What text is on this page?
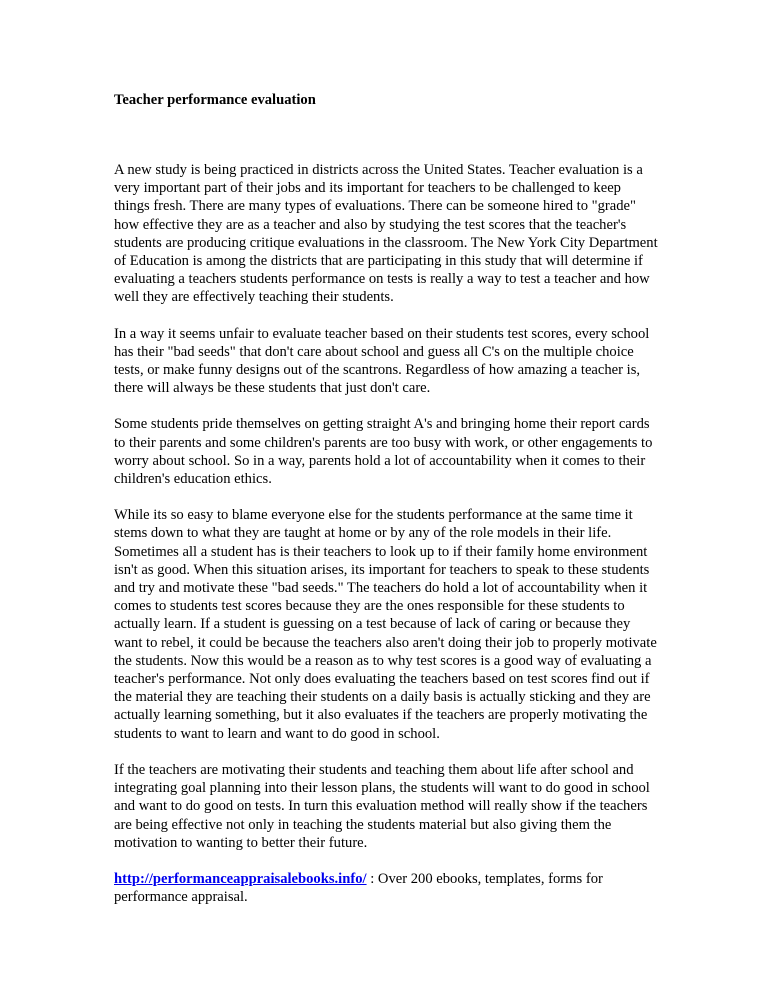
Teacher performance evaluation

A new study is being practiced in districts across the United States. Teacher evaluation is a very important part of their jobs and its important for teachers to be challenged to keep things fresh. There are many types of evaluations. There can be someone hired to "grade" how effective they are as a teacher and also by studying the test scores that the teacher's students are producing critique evaluations in the classroom. The New York City Department of Education is among the districts that are participating in this study that will determine if evaluating a teachers students performance on tests is really a way to test a teacher and how well they are effectively teaching their students.

In a way it seems unfair to evaluate teacher based on their students test scores, every school has their "bad seeds" that don't care about school and guess all C's on the multiple choice tests, or make funny designs out of the scantrons. Regardless of how amazing a teacher is, there will always be these students that just don't care.

Some students pride themselves on getting straight A's and bringing home their report cards to their parents and some children's parents are too busy with work, or other engagements to worry about school. So in a way, parents hold a lot of accountability when it comes to their children's education ethics.

While its so easy to blame everyone else for the students performance at the same time it stems down to what they are taught at home or by any of the role models in their life. Sometimes all a student has is their teachers to look up to if their family home environment isn't as good. When this situation arises, its important for teachers to speak to these students and try and motivate these "bad seeds." The teachers do hold a lot of accountability when it comes to students test scores because they are the ones responsible for these students to actually learn. If a student is guessing on a test because of lack of caring or because they want to rebel, it could be because the teachers also aren't doing their job to properly motivate the students. Now this would be a reason as to why test scores is a good way of evaluating a teacher's performance. Not only does evaluating the teachers based on test scores find out if the material they are teaching their students on a daily basis is actually sticking and they are actually learning something, but it also evaluates if the teachers are properly motivating the students to want to learn and want to do good in school.

If the teachers are motivating their students and teaching them about life after school and integrating goal planning into their lesson plans, the students will want to do good in school and want to do good on tests. In turn this evaluation method will really show if the teachers are being effective not only in teaching the students material but also giving them the motivation to wanting to better their future.

http://performanceappraisalebooks.info/ : Over 200 ebooks, templates, forms for performance appraisal.
